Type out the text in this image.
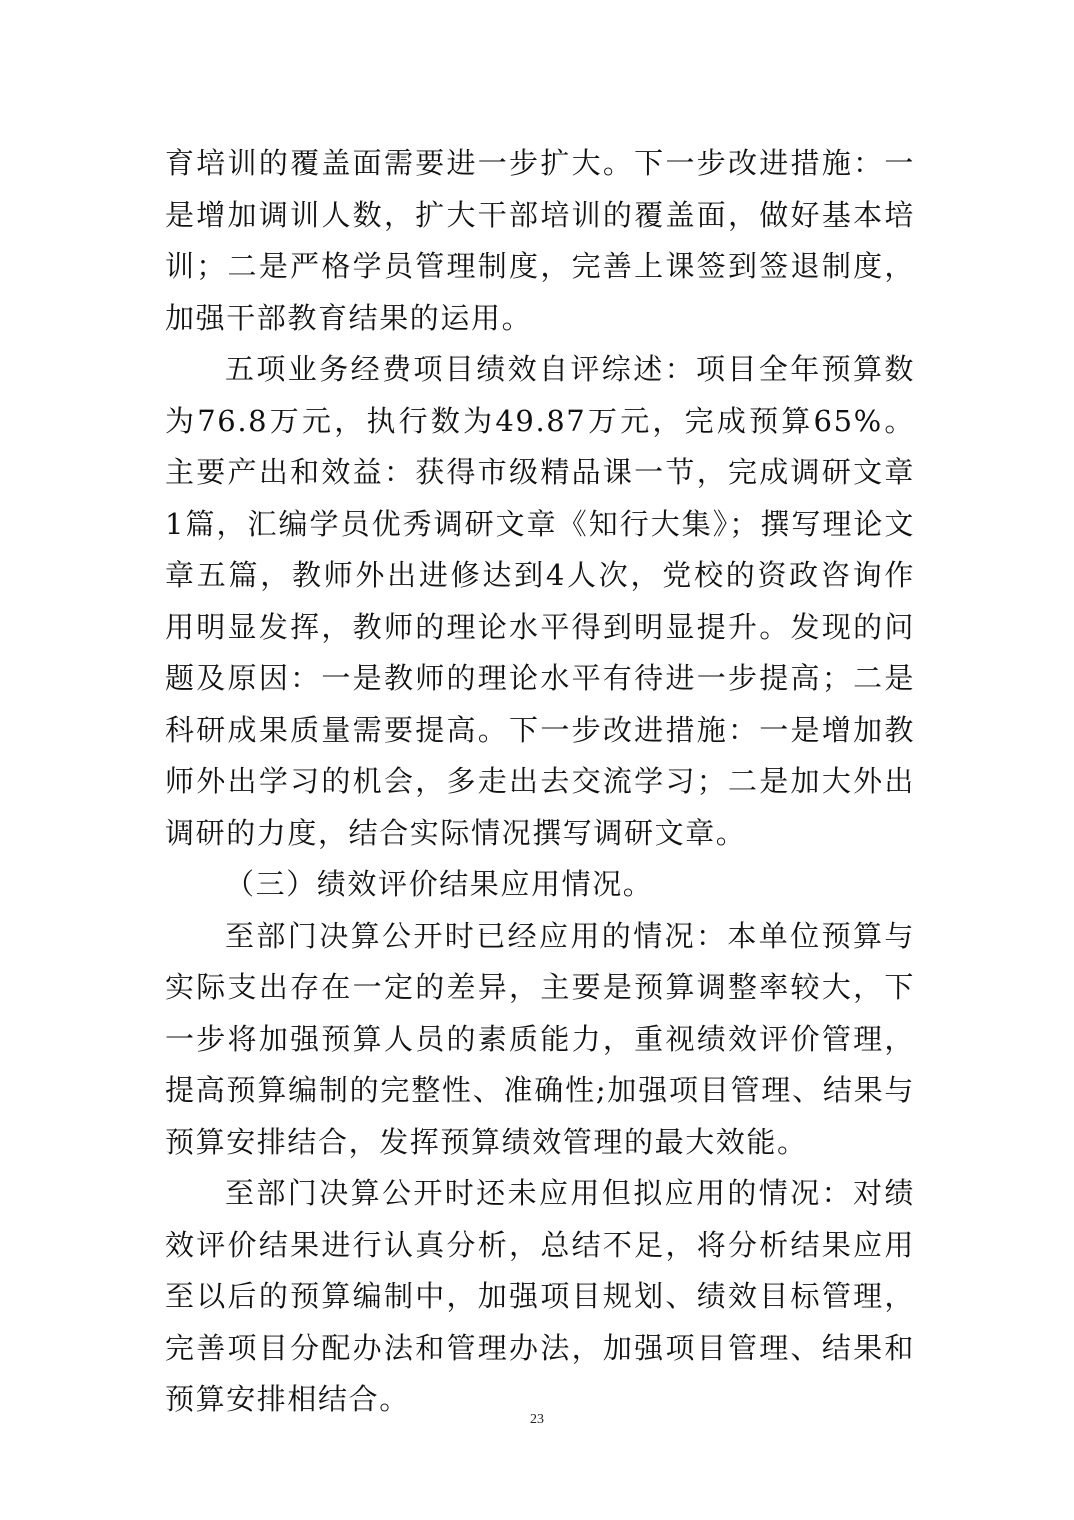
育培训的覆盖面需要进一步扩大。下一步改进措施：一是增加调训人数，扩大干部培训的覆盖面，做好基本培训；二是严格学员管理制度，完善上课签到签退制度，加强干部教育结果的运用。

五项业务经费项目绩效自评综述：项目全年预算数为76.8万元，执行数为49.87万元，完成预算65%。主要产出和效益：获得市级精品课一节，完成调研文章1篇，汇编学员优秀调研文章《知行大集》；撰写理论文章五篇，教师外出进修达到4人次，党校的资政咨询作用明显发挥，教师的理论水平得到明显提升。发现的问题及原因：一是教师的理论水平有待进一步提高；二是科研成果质量需要提高。下一步改进措施：一是增加教师外出学习的机会，多走出去交流学习；二是加大外出调研的力度，结合实际情况撰写调研文章。

（三）绩效评价结果应用情况。

至部门决算公开时已经应用的情况：本单位预算与实际支出存在一定的差异，主要是预算调整率较大，下一步将加强预算人员的素质能力，重视绩效评价管理，提高预算编制的完整性、准确性;加强项目管理、结果与预算安排结合，发挥预算绩效管理的最大效能。

至部门决算公开时还未应用但拟应用的情况：对绩效评价结果进行认真分析，总结不足，将分析结果应用至以后的预算编制中，加强项目规划、绩效目标管理，完善项目分配办法和管理办法，加强项目管理、结果和预算安排相结合。

23
